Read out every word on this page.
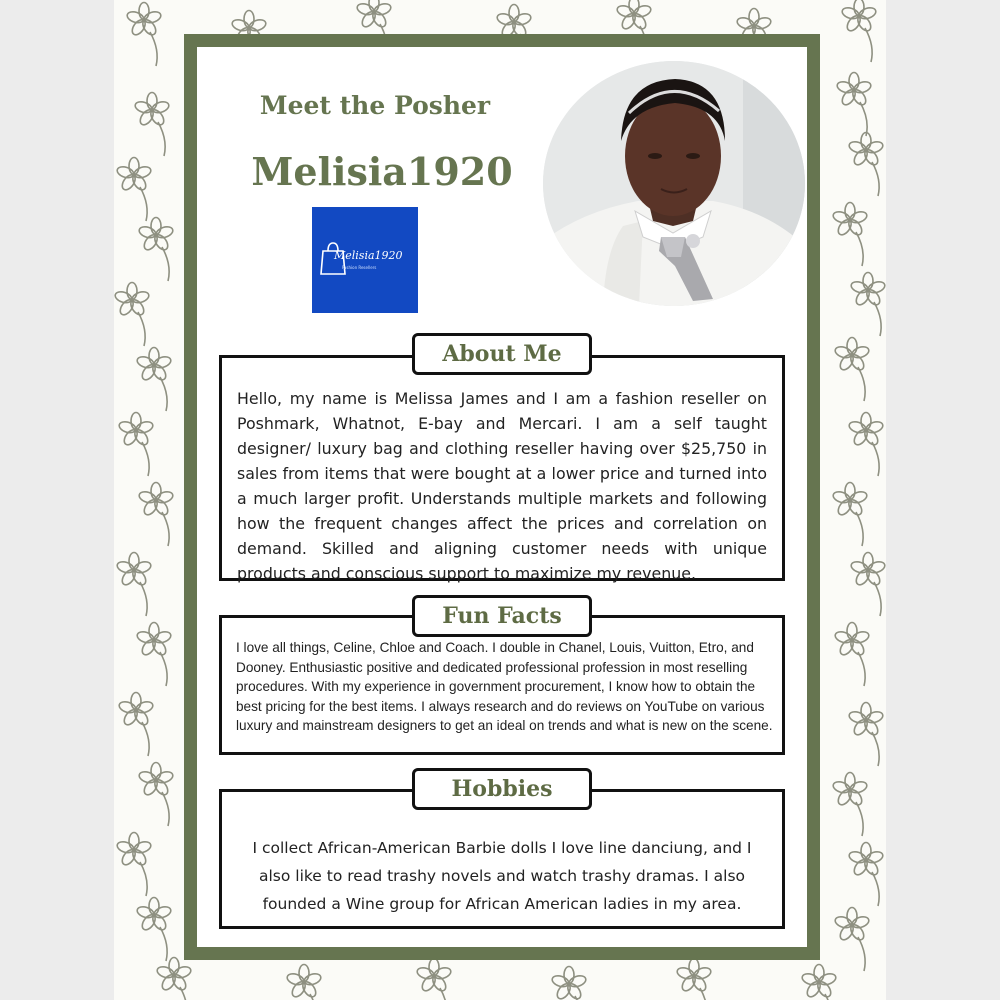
Meet the Posher
Melisia1920
Melisia1920
Fashion Resellers
Hello, my name is Melissa James and I am a fashion reseller on Poshmark, Whatnot, E-bay and Mercari. I am a self taught designer/ luxury bag and clothing reseller having over $25,750 in sales from items that were bought at a lower price and turned into a much larger profit. Understands multiple markets and following how the frequent changes affect the prices and correlation on demand. Skilled and aligning customer needs with unique products and conscious support to maximize my revenue.
About Me
I love all things, Celine, Chloe and Coach. I double in Chanel, Louis, Vuitton, Etro, and Dooney. Enthusiastic positive and dedicated professional profession in most reselling procedures. With my experience in government procurement, I know how to obtain the best pricing for the best items. I always research and do reviews on YouTube on various luxury and mainstream designers to get an ideal on trends and what is new on the scene.
Fun Facts
I collect African-American Barbie dolls I love line danciung, and I also like to read trashy novels and watch trashy dramas. I also founded a Wine group for African American ladies in my area.
Hobbies
